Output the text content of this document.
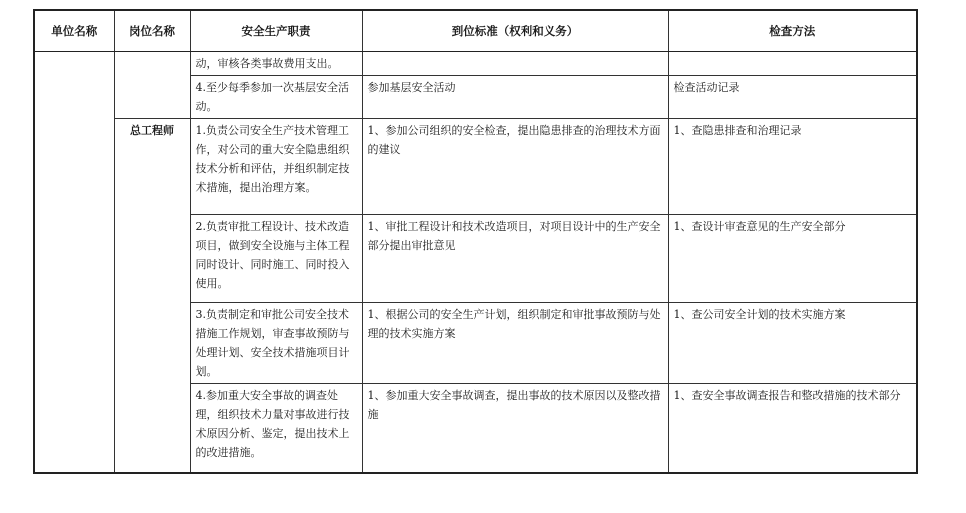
单位名称	岗位名称	安全生产职责	到位标准（权利和义务）	检查方法
		动，审核各类事故费用支出。		
		4.至少每季参加一次基层安全活动。	参加基层安全活动	检查活动记录
	总工程师	1.负责公司安全生产技术管理工作，对公司的重大安全隐患组织技术分析和评估，并组织制定技术措施，提出治理方案。	1、参加公司组织的安全检查，提出隐患排查的治理技术方面的建议	1、查隐患排查和治理记录
		2.负责审批工程设计、技术改造项目，做到安全设施与主体工程同时设计、同时施工、同时投入使用。	1、审批工程设计和技术改造项目，对项目设计中的生产安全部分提出审批意见	1、查设计审查意见的生产安全部分
		3.负责制定和审批公司安全技术措施工作规划，审查事故预防与处理计划、安全技术措施项目计划。	1、根据公司的安全生产计划，组织制定和审批事故预防与处理的技术实施方案	1、查公司安全计划的技术实施方案
		4.参加重大安全事故的调查处理，组织技术力量对事故进行技术原因分析、鉴定，提出技术上的改进措施。	1、参加重大安全事故调查，提出事故的技术原因以及整改措施	1、查安全事故调查报告和整改措施的技术部分
